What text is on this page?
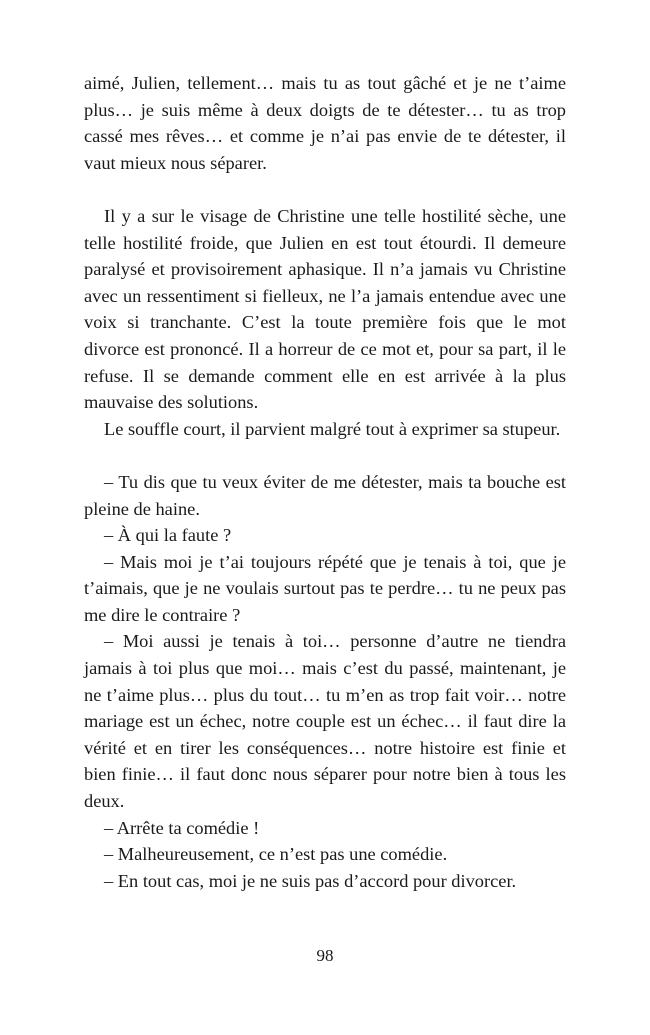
aimé, Julien, tellement… mais tu as tout gâché et je ne t’aime plus… je suis même à deux doigts de te détester… tu as trop cassé mes rêves… et comme je n’ai pas envie de te détester, il vaut mieux nous séparer.

Il y a sur le visage de Christine une telle hostilité sèche, une telle hostilité froide, que Julien en est tout étourdi. Il demeure paralysé et provisoirement aphasique. Il n’a jamais vu Christine avec un ressentiment si fielleux, ne l’a jamais entendue avec une voix si tranchante. C’est la toute première fois que le mot divorce est prononcé. Il a horreur de ce mot et, pour sa part, il le refuse. Il se demande comment elle en est arrivée à la plus mauvaise des solutions.

Le souffle court, il parvient malgré tout à exprimer sa stupeur.

– Tu dis que tu veux éviter de me détester, mais ta bouche est pleine de haine.

– À qui la faute ?

– Mais moi je t’ai toujours répété que je tenais à toi, que je t’aimais, que je ne voulais surtout pas te perdre… tu ne peux pas me dire le contraire ?

– Moi aussi je tenais à toi… personne d’autre ne tiendra jamais à toi plus que moi… mais c’est du passé, maintenant, je ne t’aime plus… plus du tout… tu m’en as trop fait voir… notre mariage est un échec, notre couple est un échec… il faut dire la vérité et en tirer les conséquences… notre histoire est finie et bien finie… il faut donc nous séparer pour notre bien à tous les deux.

– Arrête ta comédie !

– Malheureusement, ce n’est pas une comédie.

– En tout cas, moi je ne suis pas d’accord pour divorcer.

98
